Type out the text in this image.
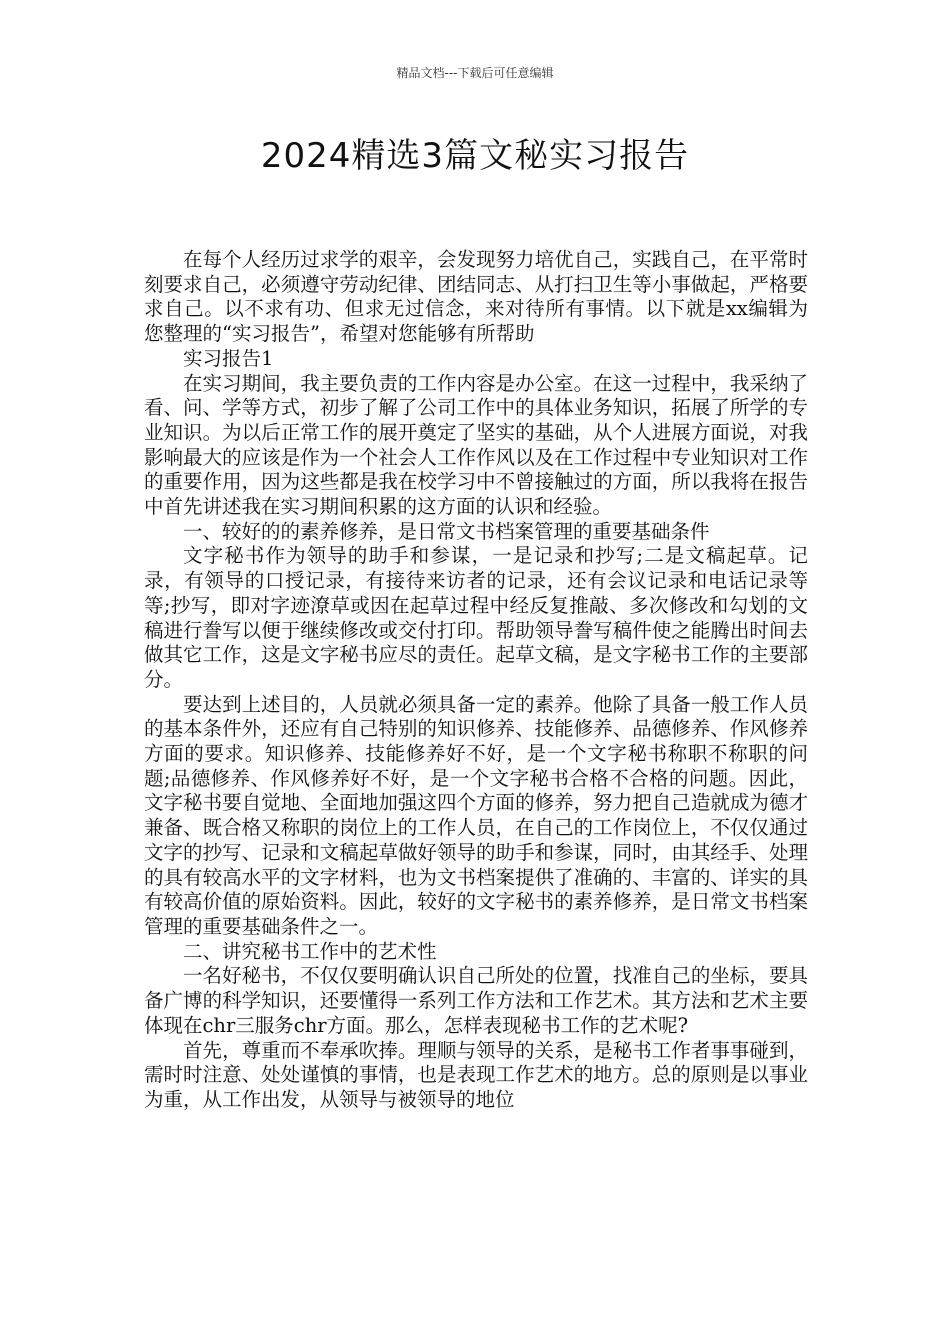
精品文档---下载后可任意编辑
2024精选3篇文秘实习报告

在每个人经历过求学的艰辛，会发现努力培优自己，实践自己，在平常时刻要求自己，必须遵守劳动纪律、团结同志、从打扫卫生等小事做起，严格要求自己。以不求有功、但求无过信念，来对待所有事情。以下就是xx编辑为您整理的“实习报告”，希望对您能够有所帮助

实习报告1

在实习期间，我主要负责的工作内容是办公室。在这一过程中，我采纳了看、问、学等方式，初步了解了公司工作中的具体业务知识，拓展了所学的专业知识。为以后正常工作的展开奠定了坚实的基础，从个人进展方面说，对我影响最大的应该是作为一个社会人工作作风以及在工作过程中专业知识对工作的重要作用，因为这些都是我在校学习中不曾接触过的方面，所以我将在报告中首先讲述我在实习期间积累的这方面的认识和经验。

一、较好的的素养修养，是日常文书档案管理的重要基础条件

文字秘书作为领导的助手和参谋，一是记录和抄写;二是文稿起草。记录，有领导的口授记录，有接待来访者的记录，还有会议记录和电话记录等等;抄写，即对字迹潦草或因在起草过程中经反复推敲、多次修改和勾划的文稿进行誊写以便于继续修改或交付打印。帮助领导誊写稿件使之能腾出时间去做其它工作，这是文字秘书应尽的责任。起草文稿，是文字秘书工作的主要部分。

要达到上述目的，人员就必须具备一定的素养。他除了具备一般工作人员的基本条件外，还应有自己特别的知识修养、技能修养、品德修养、作风修养方面的要求。知识修养、技能修养好不好，是一个文字秘书称职不称职的问题;品德修养、作风修养好不好，是一个文字秘书合格不合格的问题。因此，文字秘书要自觉地、全面地加强这四个方面的修养，努力把自己造就成为德才兼备、既合格又称职的岗位上的工作人员，在自己的工作岗位上，不仅仅通过文字的抄写、记录和文稿起草做好领导的助手和参谋，同时，由其经手、处理的具有较高水平的文字材料，也为文书档案提供了准确的、丰富的、详实的具有较高价值的原始资料。因此，较好的文字秘书的素养修养，是日常文书档案管理的重要基础条件之一。

二、讲究秘书工作中的艺术性

一名好秘书，不仅仅要明确认识自己所处的位置，找准自己的坐标，要具备广博的科学知识，还要懂得一系列工作方法和工作艺术。其方法和艺术主要体现在chr三服务chr方面。那么，怎样表现秘书工作的艺术呢?

首先，尊重而不奉承吹捧。理顺与领导的关系，是秘书工作者事事碰到，需时时注意、处处谨慎的事情，也是表现工作艺术的地方。总的原则是以事业为重，从工作出发，从领导与被领导的地位
